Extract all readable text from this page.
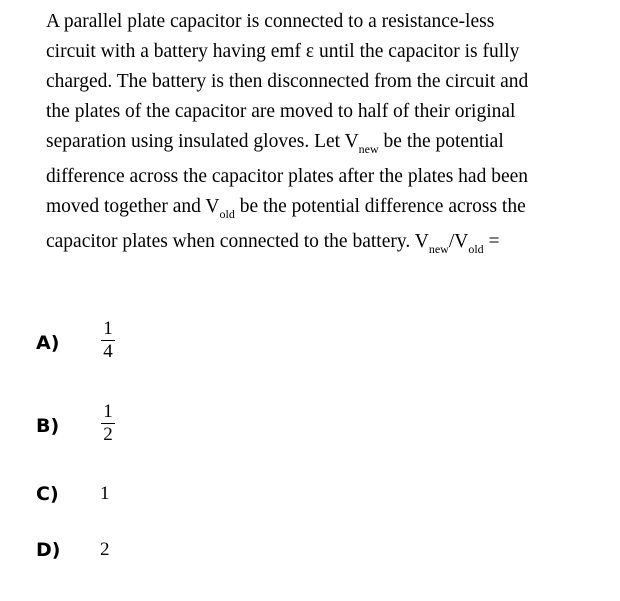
A parallel plate capacitor is connected to a resistance-less
circuit with a battery having emf ε until the capacitor is fully
charged. The battery is then disconnected from the circuit and
the plates of the capacitor are moved to half of their original
separation using insulated gloves. Let $V_{new}$ be the potential
difference across the capacitor plates after the plates had been
moved together and $V_{old}$ be the potential difference across the
capacitor plates when connected to the battery. $V_{new}/V_{old}$ =
A)
1
4
B)
1
2
C) 1
D) 2
